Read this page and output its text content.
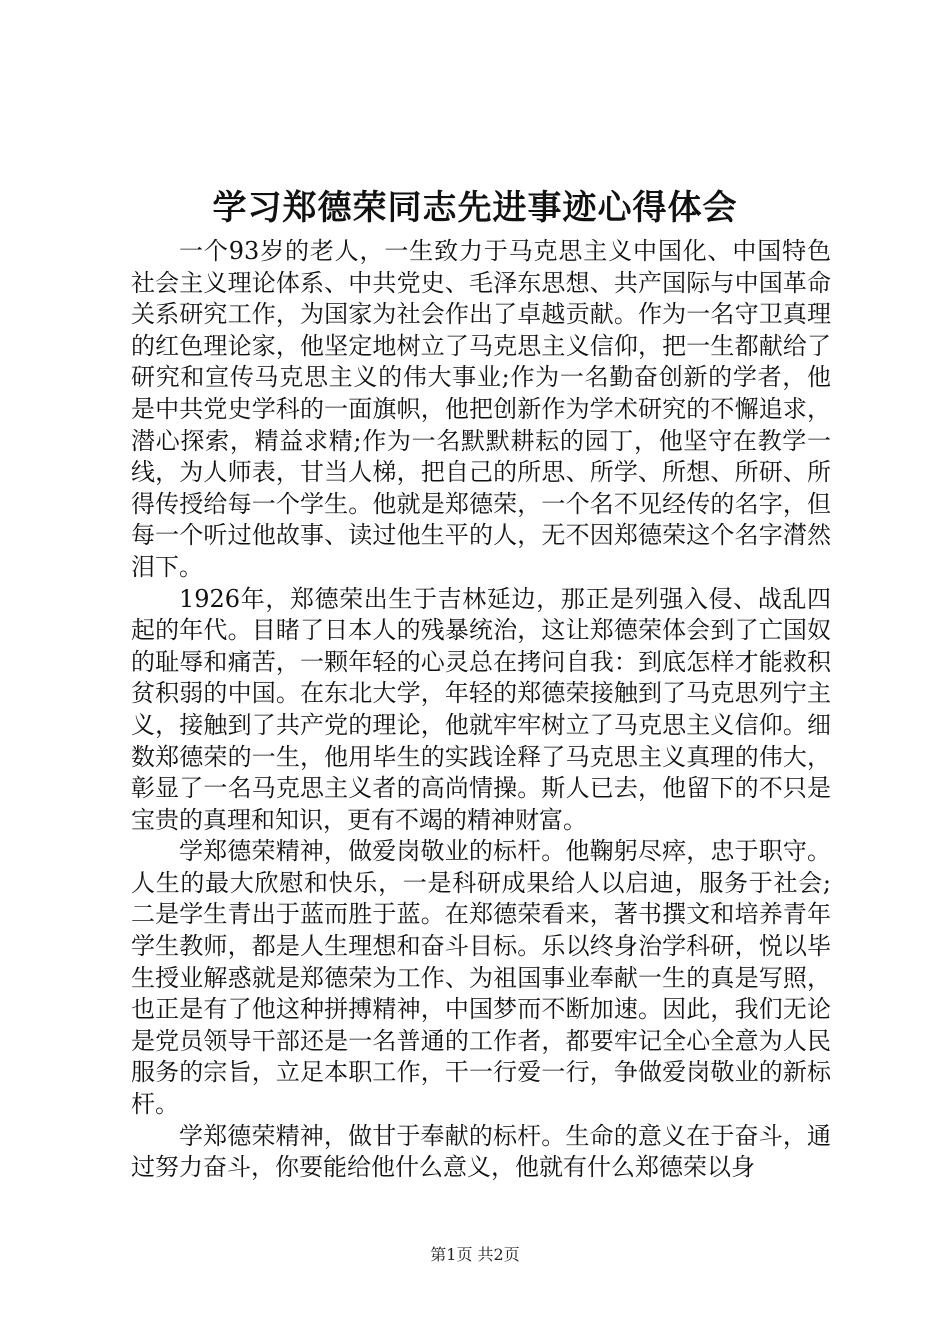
学习郑德荣同志先进事迹心得体会

一个93岁的老人，一生致力于马克思主义中国化、中国特色社会主义理论体系、中共党史、毛泽东思想、共产国际与中国革命关系研究工作，为国家为社会作出了卓越贡献。作为一名守卫真理的红色理论家，他坚定地树立了马克思主义信仰，把一生都献给了研究和宣传马克思主义的伟大事业;作为一名勤奋创新的学者，他是中共党史学科的一面旗帜，他把创新作为学术研究的不懈追求，潜心探索，精益求精;作为一名默默耕耘的园丁，他坚守在教学一线，为人师表，甘当人梯，把自己的所思、所学、所想、所研、所得传授给每一个学生。他就是郑德荣，一个名不见经传的名字，但每一个听过他故事、读过他生平的人，无不因郑德荣这个名字潸然泪下。

1926年，郑德荣出生于吉林延边，那正是列强入侵、战乱四起的年代。目睹了日本人的残暴统治，这让郑德荣体会到了亡国奴的耻辱和痛苦，一颗年轻的心灵总在拷问自我：到底怎样才能救积贫积弱的中国。在东北大学，年轻的郑德荣接触到了马克思列宁主义，接触到了共产党的理论，他就牢牢树立了马克思主义信仰。细数郑德荣的一生，他用毕生的实践诠释了马克思主义真理的伟大，彰显了一名马克思主义者的高尚情操。斯人已去，他留下的不只是宝贵的真理和知识，更有不竭的精神财富。

学郑德荣精神，做爱岗敬业的标杆。他鞠躬尽瘁，忠于职守。人生的最大欣慰和快乐，一是科研成果给人以启迪，服务于社会;二是学生青出于蓝而胜于蓝。在郑德荣看来，著书撰文和培养青年学生教师，都是人生理想和奋斗目标。乐以终身治学科研，悦以毕生授业解惑就是郑德荣为工作、为祖国事业奉献一生的真是写照，也正是有了他这种拼搏精神，中国梦而不断加速。因此，我们无论是党员领导干部还是一名普通的工作者，都要牢记全心全意为人民服务的宗旨，立足本职工作，干一行爱一行，争做爱岗敬业的新标杆。

学郑德荣精神，做甘于奉献的标杆。生命的意义在于奋斗，通过努力奋斗，你要能给他什么意义，他就有什么郑德荣以身

第1页 共2页
